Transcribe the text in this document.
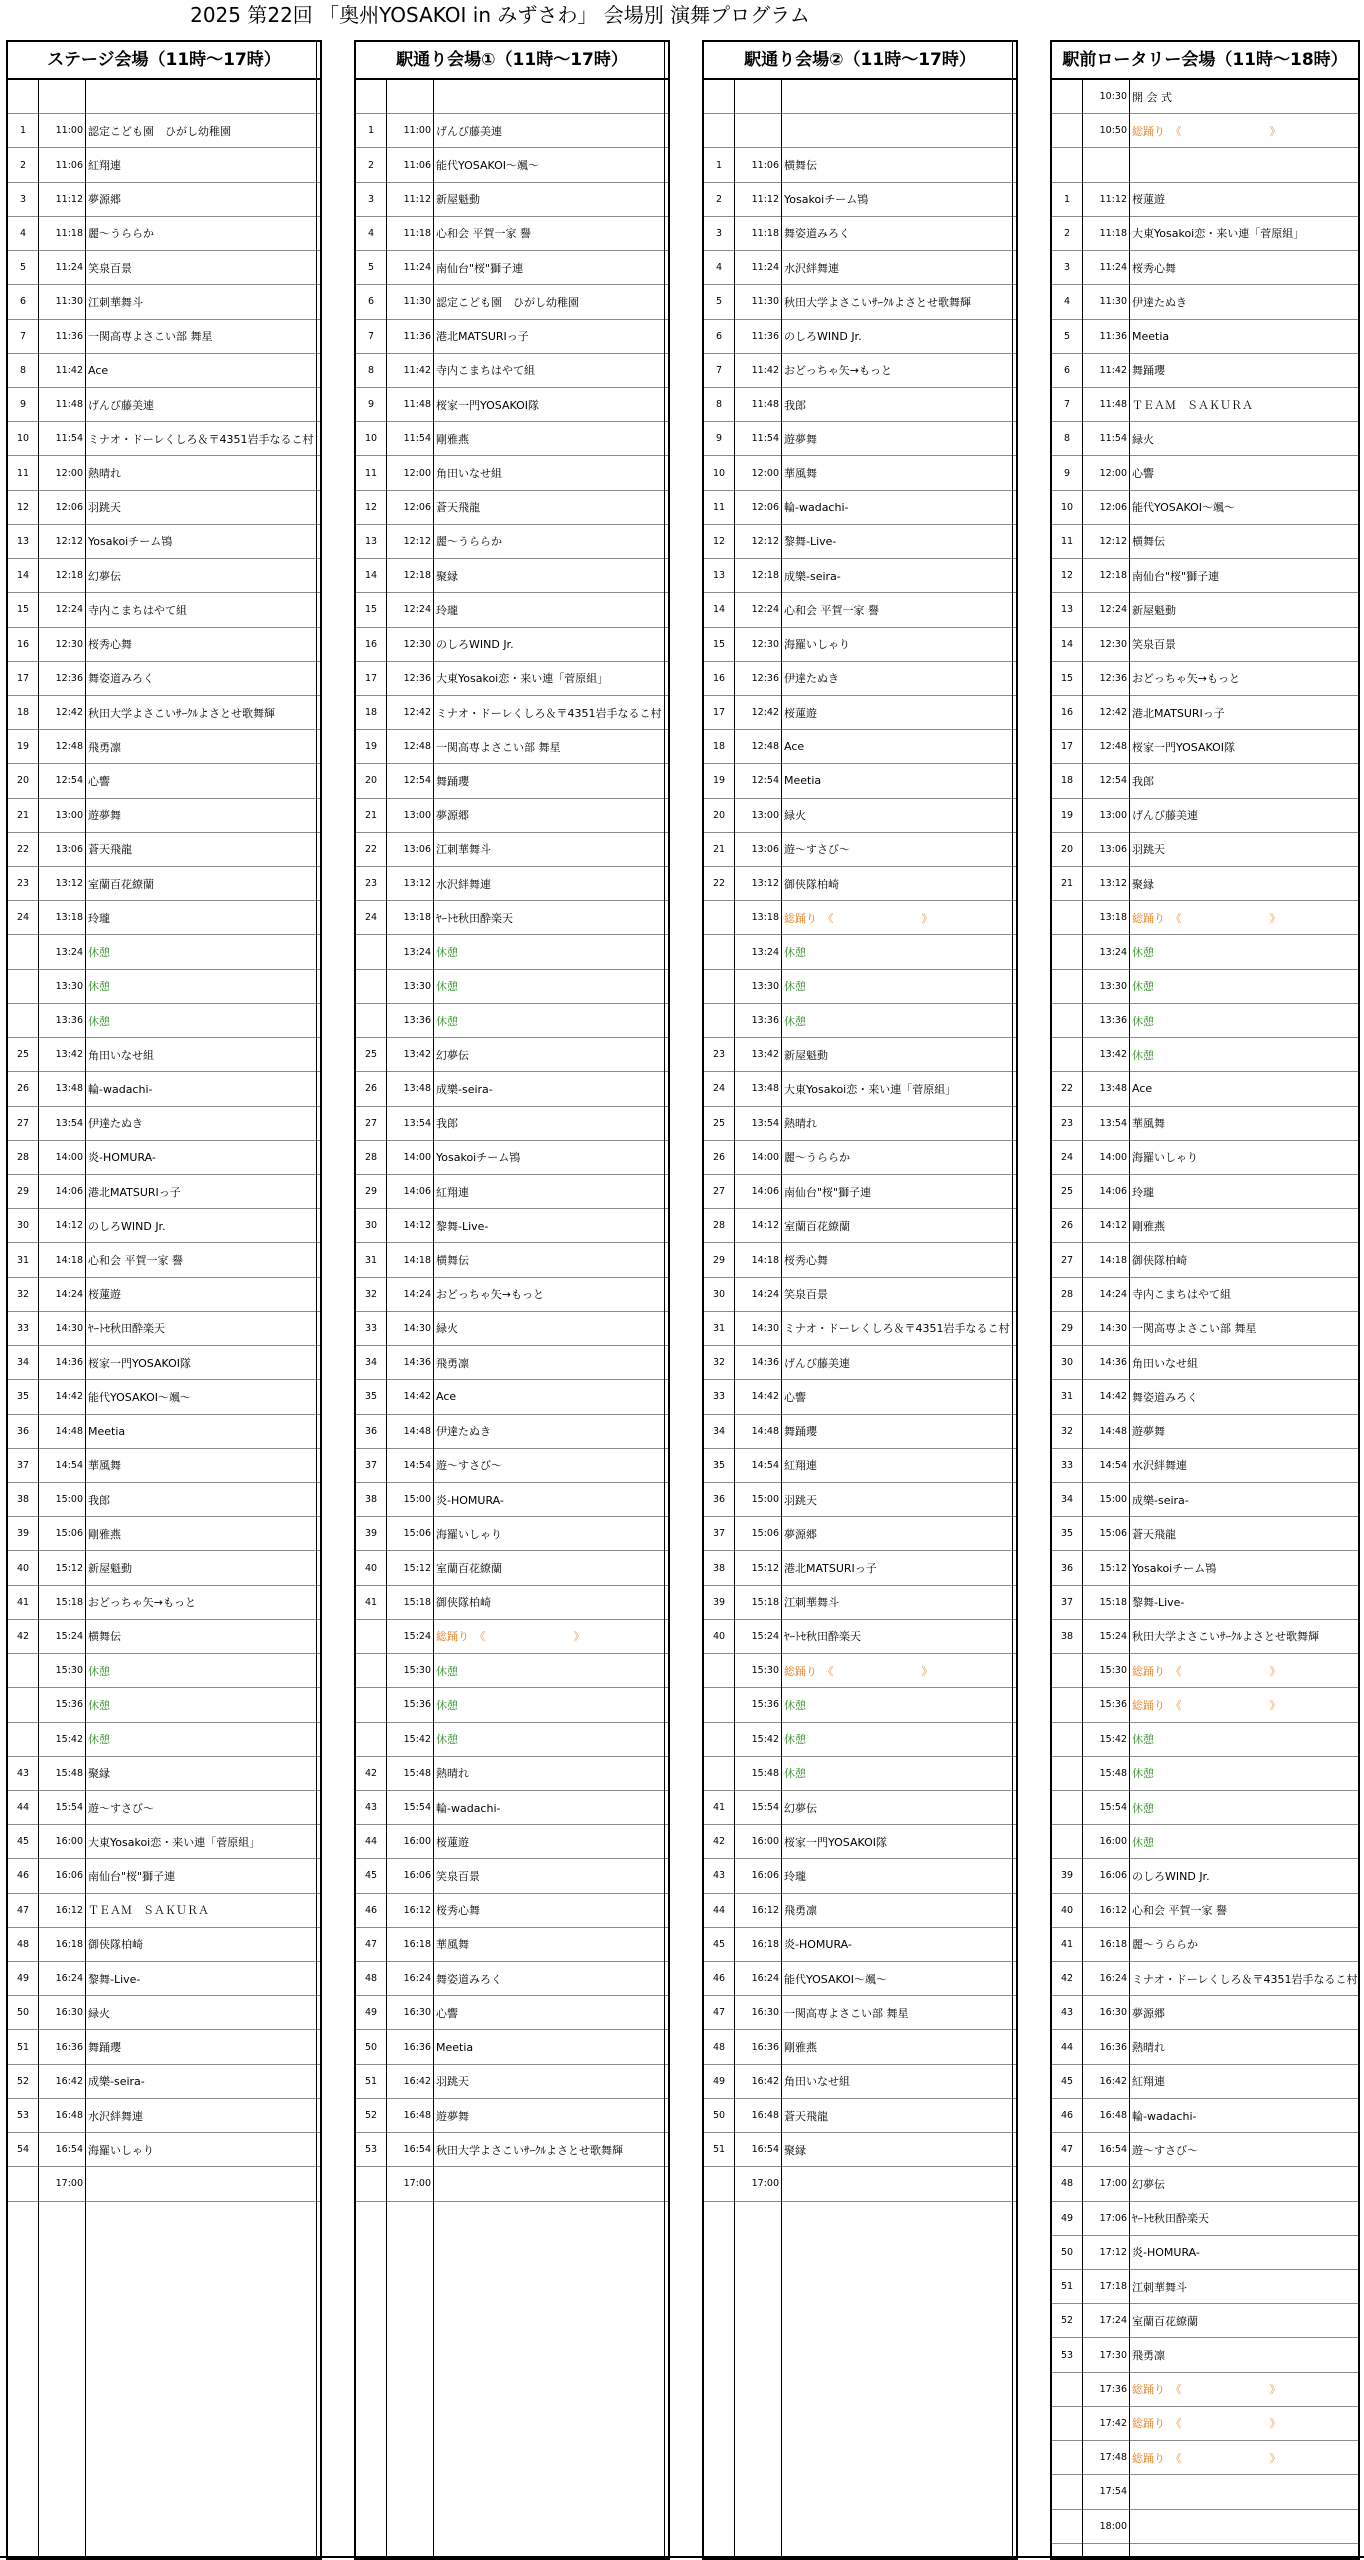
2025 第22回 「奥州YOSAKOI in みずさわ」 会場別 演舞プログラム
ステージ会場（11時～17時）
1	11:00 認定こども園　ひがし幼稚園
2	11:06 紅翔連
3	11:12 夢源郷
4	11:18 麗～うららか
5	11:24 笑泉百景
6	11:30 江刺華舞斗
7	11:36 一関高専よさこい部 舞星
8	11:42 Ace
9	11:48 げんび藤美連
10	11:54 ミナオ・ドーレくしろ＆〒4351岩手なるこ村
11	12:00 熱晴れ
12	12:06 羽跳天
13	12:12 Yosakoiチーム鴇
14	12:18 幻夢伝
15	12:24 寺内こまちはやて組
16	12:30 桜秀心舞
17	12:36 舞姿道みろく
18	12:42 秋田大学よさこいｻｰｸﾙよさとせ歌舞輝
19	12:48 飛勇凛
20	12:54 心響
21	13:00 遊夢舞
22	13:06 蒼天飛龍
23	13:12 室蘭百花繚蘭
24	13:18 玲瓏
13:24 休憩
13:30 休憩
13:36 休憩
25	13:42 角田いなせ組
26	13:48 輪-wadachi-
27	13:54 伊達たぬき
28	14:00 炎-HOMURA-
29	14:06 港北MATSURIっ子
30	14:12 のしろWIND Jr.
31	14:18 心和会 平賀一家 譽
32	14:24 桜蓮遊
33	14:30 ﾔｰﾄｾ秋田酔楽天
34	14:36 桜家一門YOSAKOI隊
35	14:42 能代YOSAKOI～颯～
36	14:48 Meetia
37	14:54 華風舞
38	15:00 我郎
39	15:06 剛雅燕
40	15:12 新屋魁動
41	15:18 おどっちゃ矢→もっと
42	15:24 横舞伝
15:30 休憩
15:36 休憩
15:42 休憩
43	15:48 聚縁
44	15:54 遊～すさび～
45	16:00 大東Yosakoi恋・来い連「菅原組」
46	16:06 南仙台"桜"獅子連
47	16:12 ＴＥＡＭ　ＳＡＫＵＲＡ
48	16:18 御侠隊柏崎
49	16:24 黎舞-Live-
50	16:30 緑火
51	16:36 舞踊瓔
52	16:42 成樂-seira-
53	16:48 水沢絆舞連
54	16:54 海羅いしゃり
17:00
駅通り会場①（11時～17時）
1	11:00 げんび藤美連
2	11:06 能代YOSAKOI～颯～
3	11:12 新屋魁動
4	11:18 心和会 平賀一家 譽
5	11:24 南仙台"桜"獅子連
6	11:30 認定こども園　ひがし幼稚園
7	11:36 港北MATSURIっ子
8	11:42 寺内こまちはやて組
9	11:48 桜家一門YOSAKOI隊
10	11:54 剛雅燕
11	12:00 角田いなせ組
12	12:06 蒼天飛龍
13	12:12 麗～うららか
14	12:18 聚縁
15	12:24 玲瓏
16	12:30 のしろWIND Jr.
17	12:36 大東Yosakoi恋・来い連「菅原組」
18	12:42 ミナオ・ドーレくしろ＆〒4351岩手なるこ村
19	12:48 一関高専よさこい部 舞星
20	12:54 舞踊瓔
21	13:00 夢源郷
22	13:06 江刺華舞斗
23	13:12 水沢絆舞連
24	13:18 ﾔｰﾄｾ秋田酔楽天
13:24 休憩
13:30 休憩
13:36 休憩
25	13:42 幻夢伝
26	13:48 成樂-seira-
27	13:54 我郎
28	14:00 Yosakoiチーム鴇
29	14:06 紅翔連
30	14:12 黎舞-Live-
31	14:18 横舞伝
32	14:24 おどっちゃ矢→もっと
33	14:30 緑火
34	14:36 飛勇凛
35	14:42 Ace
36	14:48 伊達たぬき
37	14:54 遊～すさび～
38	15:00 炎-HOMURA-
39	15:06 海羅いしゃり
40	15:12 室蘭百花繚蘭
41	15:18 御侠隊柏崎
15:24 総踊り　《　　　　　　　　》
15:30 休憩
15:36 休憩
15:42 休憩
42	15:48 熱晴れ
43	15:54 輪-wadachi-
44	16:00 桜蓮遊
45	16:06 笑泉百景
46	16:12 桜秀心舞
47	16:18 華風舞
48	16:24 舞姿道みろく
49	16:30 心響
50	16:36 Meetia
51	16:42 羽跳天
52	16:48 遊夢舞
53	16:54 秋田大学よさこいｻｰｸﾙよさとせ歌舞輝
17:00
駅通り会場②（11時～17時）
1	11:06 横舞伝
2	11:12 Yosakoiチーム鴇
3	11:18 舞姿道みろく
4	11:24 水沢絆舞連
5	11:30 秋田大学よさこいｻｰｸﾙよさとせ歌舞輝
6	11:36 のしろWIND Jr.
7	11:42 おどっちゃ矢→もっと
8	11:48 我郎
9	11:54 遊夢舞
10	12:00 華風舞
11	12:06 輪-wadachi-
12	12:12 黎舞-Live-
13	12:18 成樂-seira-
14	12:24 心和会 平賀一家 譽
15	12:30 海羅いしゃり
16	12:36 伊達たぬき
17	12:42 桜蓮遊
18	12:48 Ace
19	12:54 Meetia
20	13:00 緑火
21	13:06 遊～すさび～
22	13:12 御侠隊柏崎
13:18 総踊り　《　　　　　　　　》
13:24 休憩
13:30 休憩
13:36 休憩
23	13:42 新屋魁動
24	13:48 大東Yosakoi恋・来い連「菅原組」
25	13:54 熱晴れ
26	14:00 麗～うららか
27	14:06 南仙台"桜"獅子連
28	14:12 室蘭百花繚蘭
29	14:18 桜秀心舞
30	14:24 笑泉百景
31	14:30 ミナオ・ドーレくしろ＆〒4351岩手なるこ村
32	14:36 げんび藤美連
33	14:42 心響
34	14:48 舞踊瓔
35	14:54 紅翔連
36	15:00 羽跳天
37	15:06 夢源郷
38	15:12 港北MATSURIっ子
39	15:18 江刺華舞斗
40	15:24 ﾔｰﾄｾ秋田酔楽天
15:30 総踊り　《　　　　　　　　》
15:36 休憩
15:42 休憩
15:48 休憩
41	15:54 幻夢伝
42	16:00 桜家一門YOSAKOI隊
43	16:06 玲瓏
44	16:12 飛勇凛
45	16:18 炎-HOMURA-
46	16:24 能代YOSAKOI～颯～
47	16:30 一関高専よさこい部 舞星
48	16:36 剛雅燕
49	16:42 角田いなせ組
50	16:48 蒼天飛龍
51	16:54 聚縁
17:00
駅前ロータリー会場（11時～18時）
10:30 開 会 式
10:50 総踊り　《　　　　　　　　》
1	11:12 桜蓮遊
2	11:18 大東Yosakoi恋・来い連「菅原組」
3	11:24 桜秀心舞
4	11:30 伊達たぬき
5	11:36 Meetia
6	11:42 舞踊瓔
7	11:48 ＴＥＡＭ　ＳＡＫＵＲＡ
8	11:54 緑火
9	12:00 心響
10	12:06 能代YOSAKOI～颯～
11	12:12 横舞伝
12	12:18 南仙台"桜"獅子連
13	12:24 新屋魁動
14	12:30 笑泉百景
15	12:36 おどっちゃ矢→もっと
16	12:42 港北MATSURIっ子
17	12:48 桜家一門YOSAKOI隊
18	12:54 我郎
19	13:00 げんび藤美連
20	13:06 羽跳天
21	13:12 聚縁
13:18 総踊り　《　　　　　　　　》
13:24 休憩
13:30 休憩
13:36 休憩
13:42 休憩
22	13:48 Ace
23	13:54 華風舞
24	14:00 海羅いしゃり
25	14:06 玲瓏
26	14:12 剛雅燕
27	14:18 御侠隊柏崎
28	14:24 寺内こまちはやて組
29	14:30 一関高専よさこい部 舞星
30	14:36 角田いなせ組
31	14:42 舞姿道みろく
32	14:48 遊夢舞
33	14:54 水沢絆舞連
34	15:00 成樂-seira-
35	15:06 蒼天飛龍
36	15:12 Yosakoiチーム鴇
37	15:18 黎舞-Live-
38	15:24 秋田大学よさこいｻｰｸﾙよさとせ歌舞輝
15:30 総踊り　《　　　　　　　　》
15:36 総踊り　《　　　　　　　　》
15:42 休憩
15:48 休憩
15:54 休憩
16:00 休憩
39	16:06 のしろWIND Jr.
40	16:12 心和会 平賀一家 譽
41	16:18 麗～うららか
42	16:24 ミナオ・ドーレくしろ＆〒4351岩手なるこ村
43	16:30 夢源郷
44	16:36 熱晴れ
45	16:42 紅翔連
46	16:48 輪-wadachi-
47	16:54 遊～すさび～
48	17:00 幻夢伝
49	17:06 ﾔｰﾄｾ秋田酔楽天
50	17:12 炎-HOMURA-
51	17:18 江刺華舞斗
52	17:24 室蘭百花繚蘭
53	17:30 飛勇凛
17:36 総踊り　《　　　　　　　　》
17:42 総踊り　《　　　　　　　　》
17:48 総踊り　《　　　　　　　　》
17:54
18:00
